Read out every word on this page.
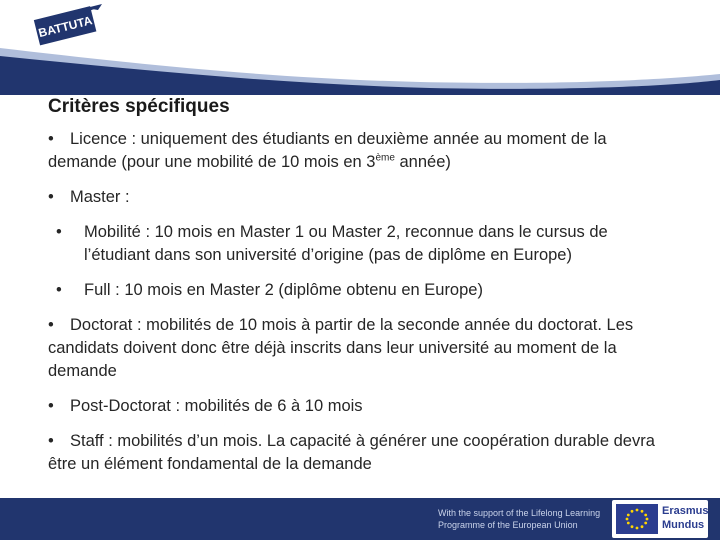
BATTUTA
Critères spécifiques

• Licence : uniquement des étudiants en deuxième année au moment de la demande (pour une mobilité de 10 mois en 3ème année)

• Master :

• Mobilité : 10 mois en Master 1 ou Master 2, reconnue dans le cursus de l’étudiant dans son université d’origine (pas de diplôme en Europe)

• Full : 10 mois en Master 2 (diplôme obtenu en Europe)

• Doctorat : mobilités de 10 mois à partir de la seconde année du doctorat. Les candidats doivent donc être déjà inscrits dans leur université au moment de la demande

• Post-Doctorat : mobilités de 6 à 10 mois

• Staff : mobilités d’un mois. La capacité à générer une coopération durable devra être un élément fondamental de la demande

With the support of the Lifelong Learning Programme of the European Union
Erasmus
Mundus
